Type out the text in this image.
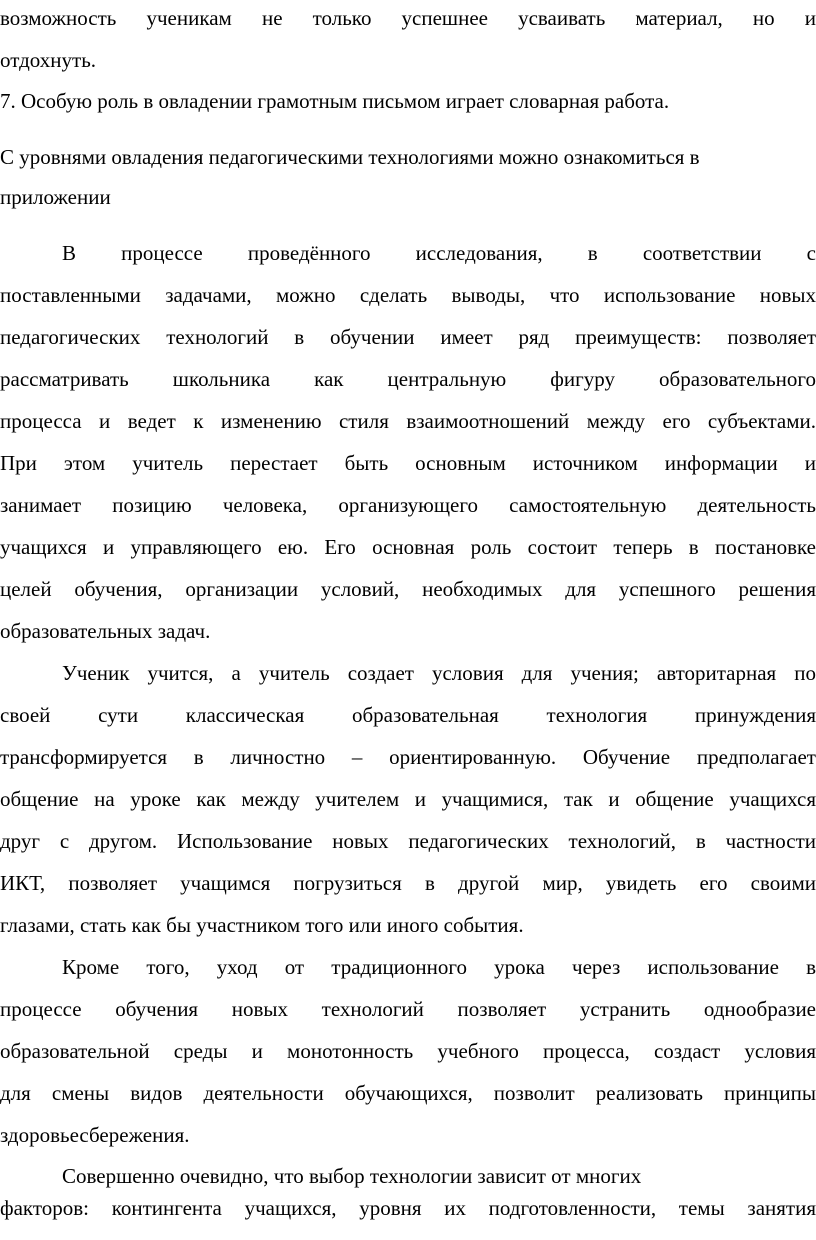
возможность ученикам не только успешнее усваивать материал, но и
отдохнуть.
7. Особую роль в овладении грамотным письмом играет словарная работа.
С уровнями овладения педагогическими технологиями можно ознакомиться в
приложении
В процессе проведённого исследования, в соответствии с
поставленными задачами, можно сделать выводы, что использование новых
педагогических технологий в обучении имеет ряд преимуществ: позволяет
рассматривать школьника как центральную фигуру образовательного
процесса и ведет к изменению стиля взаимоотношений между его субъектами.
При этом учитель перестает быть основным источником информации и
занимает позицию человека, организующего самостоятельную деятельность
учащихся и управляющего ею. Его основная роль состоит теперь в постановке
целей обучения, организации условий, необходимых для успешного решения
образовательных задач.
Ученик учится, а учитель создает условия для учения; авторитарная по
своей сути классическая образовательная технология принуждения
трансформируется в личностно – ориентированную. Обучение предполагает
общение на уроке как между учителем и учащимися, так и общение учащихся
друг с другом. Использование новых педагогических технологий, в частности
ИКТ, позволяет учащимся погрузиться в другой мир, увидеть его своими
глазами, стать как бы участником того или иного события.
Кроме того, уход от традиционного урока через использование в
процессе обучения новых технологий позволяет устранить однообразие
образовательной среды и монотонность учебного процесса, создаст условия
для смены видов деятельности обучающихся, позволит реализовать принципы
здоровьесбережения.
Совершенно очевидно, что выбор технологии зависит от многих
факторов: контингента учащихся, уровня их подготовленности, темы занятия
